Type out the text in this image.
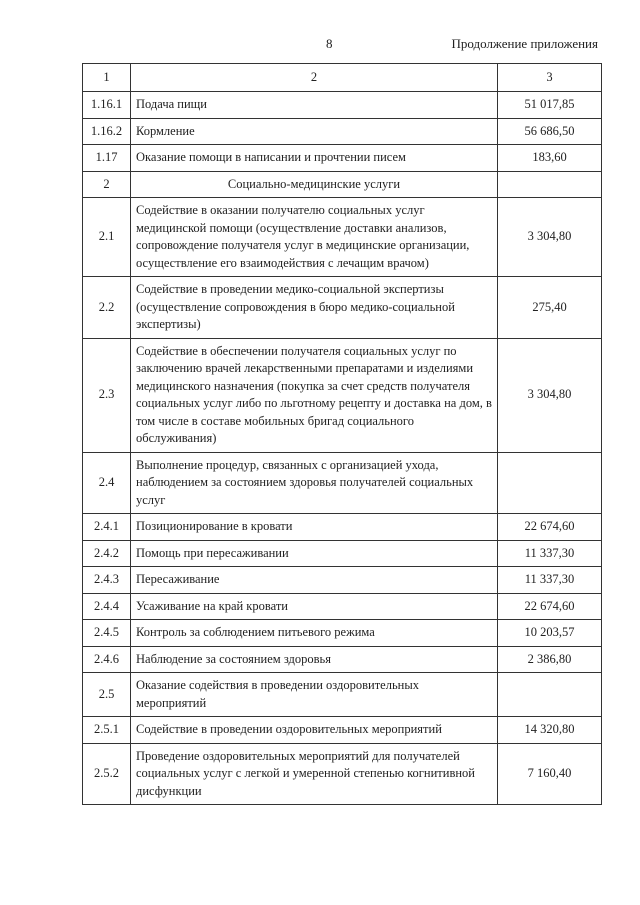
8	Продолжение приложения
1	2	3
1.16.1	Подача пищи	51 017,85
1.16.2	Кормление	56 686,50
1.17	Оказание помощи в написании и прочтении писем	183,60
2	Социально-медицинские услуги	
2.1	Содействие в оказании получателю социальных услуг медицинской помощи (осуществление доставки анализов, сопровождение получателя услуг в медицинские организации, осуществление его взаимодействия с лечащим врачом)	3 304,80
2.2	Содействие в проведении медико-социальной экспертизы (осуществление сопровождения в бюро медико-социальной экспертизы)	275,40
2.3	Содействие в обеспечении получателя социальных услуг по заключению врачей лекарственными препаратами и изделиями медицинского назначения (покупка за счет средств получателя социальных услуг либо по льготному рецепту и доставка на дом, в том числе в составе мобильных бригад социального обслуживания)	3 304,80
2.4	Выполнение процедур, связанных с организацией ухода, наблюдением за состоянием здоровья получателей социальных услуг	
2.4.1	Позиционирование в кровати	22 674,60
2.4.2	Помощь при пересаживании	11 337,30
2.4.3	Пересаживание	11 337,30
2.4.4	Усаживание на край кровати	22 674,60
2.4.5	Контроль за соблюдением питьевого режима	10 203,57
2.4.6	Наблюдение за состоянием здоровья	2 386,80
2.5	Оказание содействия в проведении оздоровительных мероприятий	
2.5.1	Содействие в проведении оздоровительных мероприятий	14 320,80
2.5.2	Проведение оздоровительных мероприятий для получателей социальных услуг с легкой и умеренной степенью когнитивной дисфункции	7 160,40
